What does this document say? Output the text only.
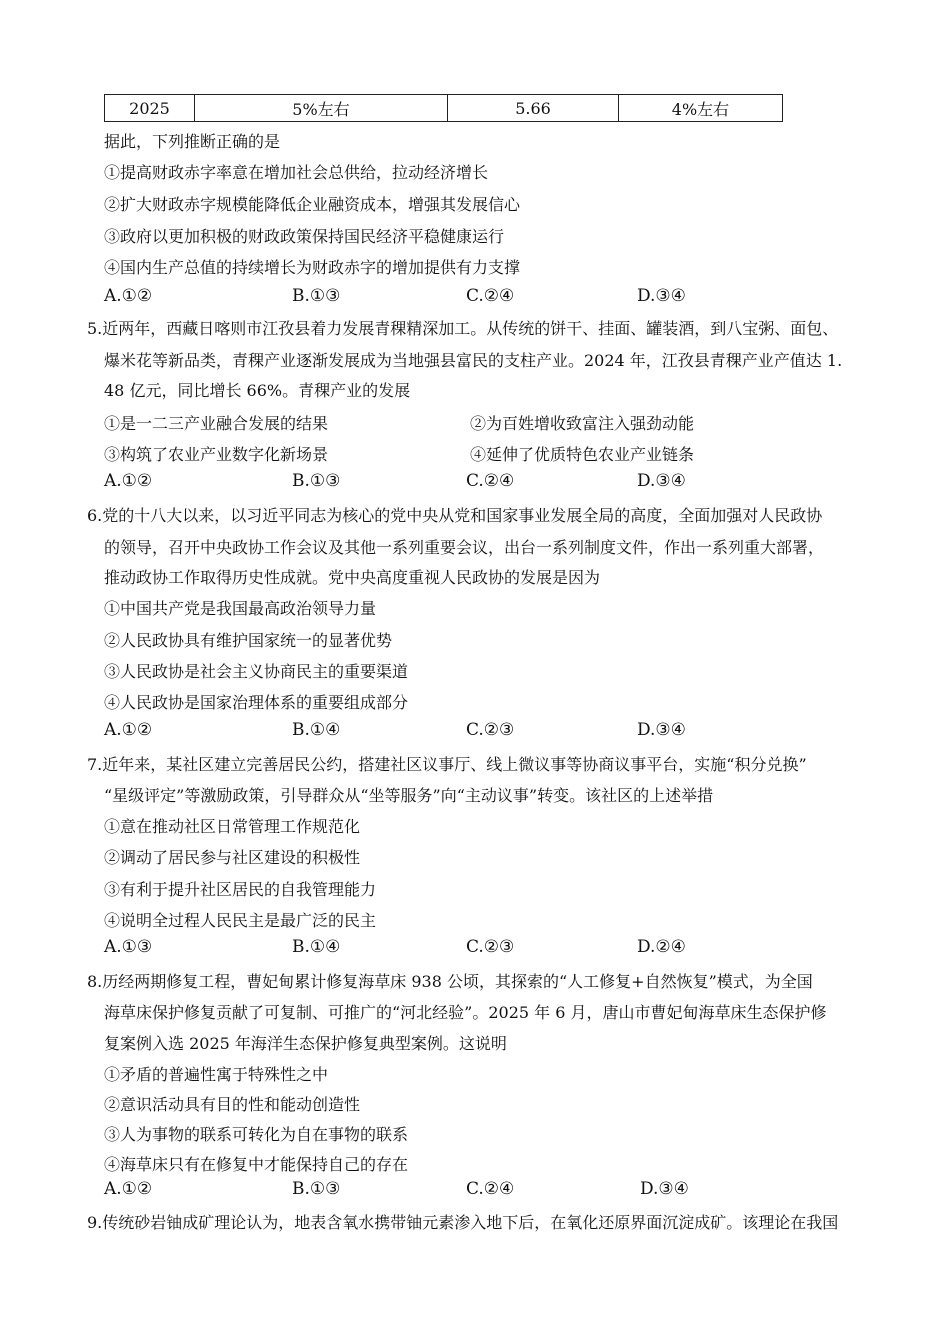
2025	5%左右	5.66	4%左右
据此，下列推断正确的是
①提高财政赤字率意在增加社会总供给，拉动经济增长
②扩大财政赤字规模能降低企业融资成本，增强其发展信心
③政府以更加积极的财政政策保持国民经济平稳健康运行
④国内生产总值的持续增长为财政赤字的增加提供有力支撑
A.①②	B.①③	C.②④	D.③④
5.近两年，西藏日喀则市江孜县着力发展青稞精深加工。从传统的饼干、挂面、罐装酒，到八宝粥、面包、
爆米花等新品类，青稞产业逐渐发展成为当地强县富民的支柱产业。2024 年，江孜县青稞产业产值达 1.
48 亿元，同比增长 66%。青稞产业的发展
①是一二三产业融合发展的结果	②为百姓增收致富注入强劲动能
③构筑了农业产业数字化新场景	④延伸了优质特色农业产业链条
A.①②	B.①③	C.②④	D.③④
6.党的十八大以来，以习近平同志为核心的党中央从党和国家事业发展全局的高度，全面加强对人民政协
的领导，召开中央政协工作会议及其他一系列重要会议，出台一系列制度文件，作出一系列重大部署，
推动政协工作取得历史性成就。党中央高度重视人民政协的发展是因为
①中国共产党是我国最高政治领导力量
②人民政协具有维护国家统一的显著优势
③人民政协是社会主义协商民主的重要渠道
④人民政协是国家治理体系的重要组成部分
A.①②	B.①④	C.②③	D.③④
7.近年来，某社区建立完善居民公约，搭建社区议事厅、线上微议事等协商议事平台，实施“积分兑换”
“星级评定”等激励政策，引导群众从“坐等服务”向“主动议事”转变。该社区的上述举措
①意在推动社区日常管理工作规范化
②调动了居民参与社区建设的积极性
③有利于提升社区居民的自我管理能力
④说明全过程人民民主是最广泛的民主
A.①③	B.①④	C.②③	D.②④
8.历经两期修复工程，曹妃甸累计修复海草床 938 公顷，其探索的“人工修复+自然恢复”模式，为全国
海草床保护修复贡献了可复制、可推广的“河北经验”。2025 年 6 月，唐山市曹妃甸海草床生态保护修
复案例入选 2025 年海洋生态保护修复典型案例。这说明
①矛盾的普遍性寓于特殊性之中
②意识活动具有目的性和能动创造性
③人为事物的联系可转化为自在事物的联系
④海草床只有在修复中才能保持自己的存在
A.①②	B.①③	C.②④	D.③④
9.传统砂岩铀成矿理论认为，地表含氧水携带铀元素渗入地下后，在氧化还原界面沉淀成矿。该理论在我国
